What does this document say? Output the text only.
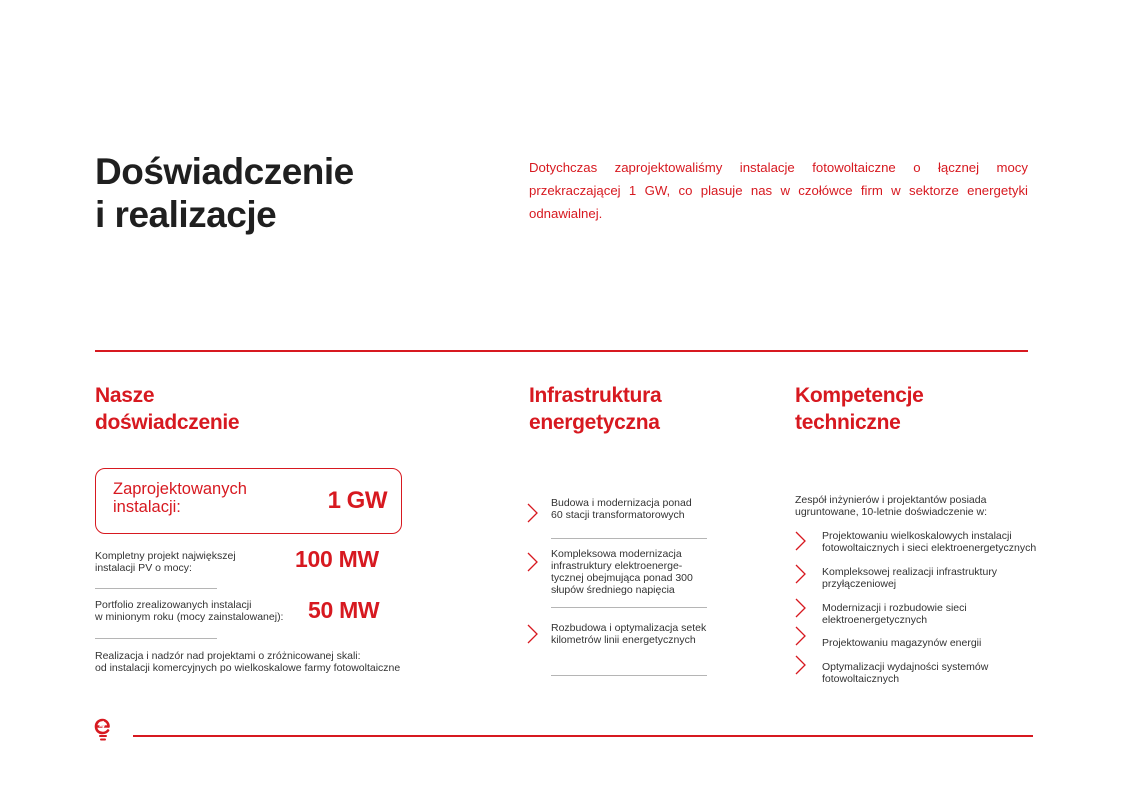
Doświadczenie
i realizacje
Dotychczas zaprojektowaliśmy instalacje fotowoltaiczne o łącznej mocy przekraczającej 1 GW, co plasuje nas w czołówce firm w sektorze energetyki odnawialnej.
Nasze
doświadczenie
Zaprojektowanych
instalacji:	1 GW
Kompletny projekt największej
instalacji PV o mocy:	100 MW
Portfolio zrealizowanych instalacji
w minionym roku (mocy zainstalowanej): 50 MW
Realizacja i nadzór nad projektami o zróżnicowanej skali:
od instalacji komercyjnych po wielkoskalowe farmy fotowoltaiczne
Infrastruktura
energetyczna
Budowa i modernizacja ponad
60 stacji transformatorowych
Kompleksowa modernizacja
infrastruktury elektroenerge-
tycznej obejmująca ponad 300
słupów średniego napięcia
Rozbudowa i optymalizacja setek
kilometrów linii energetycznych
Kompetencje
techniczne
Zespół inżynierów i projektantów posiada
ugruntowane, 10-letnie doświadczenie w:
Projektowaniu wielkoskalowych instalacji
fotowoltaicznych i sieci elektroenergetycznych
Kompleksowej realizacji infrastruktury
przyłączeniowej
Modernizacji i rozbudowie sieci
elektroenergetycznych
Projektowaniu magazynów energii
Optymalizacji wydajności systemów
fotowoltaicznych
